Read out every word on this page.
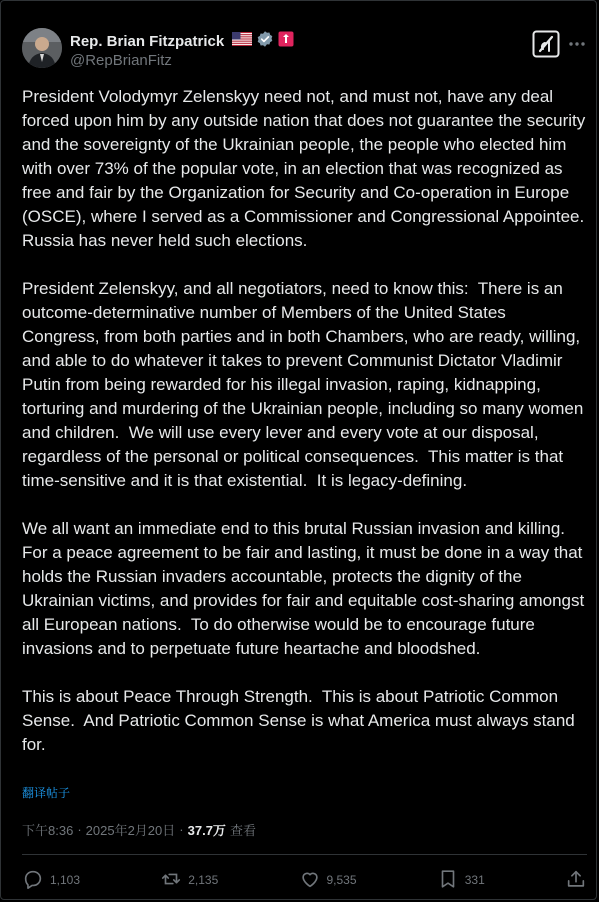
Rep. Brian Fitzpatrick
@RepBrianFitz

President Volodymyr Zelenskyy need not, and must not, have any deal forced upon him by any outside nation that does not guarantee the security and the sovereignty of the Ukrainian people, the people who elected him with over 73% of the popular vote, in an election that was recognized as free and fair by the Organization for Security and Co-operation in Europe (OSCE), where I served as a Commissioner and Congressional Appointee.  Russia has never held such elections.

President Zelenskyy, and all negotiators, need to know this:  There is an outcome-determinative number of Members of the United States Congress, from both parties and in both Chambers, who are ready, willing, and able to do whatever it takes to prevent Communist Dictator Vladimir Putin from being rewarded for his illegal invasion, raping, kidnapping, torturing and murdering of the Ukrainian people, including so many women and children.  We will use every lever and every vote at our disposal, regardless of the personal or political consequences.  This matter is that time-sensitive and it is that existential.  It is legacy-defining.

We all want an immediate end to this brutal Russian invasion and killing.  For a peace agreement to be fair and lasting, it must be done in a way that holds the Russian invaders accountable, protects the dignity of the Ukrainian victims, and provides for fair and equitable cost-sharing amongst all European nations.  To do otherwise would be to encourage future invasions and to perpetuate future heartache and bloodshed.

This is about Peace Through Strength.  This is about Patriotic Common Sense.  And Patriotic Common Sense is what America must always stand for.

翻译帖子
下午8:36 · 2025年2月20日 · 37.7万 查看
1,103	2,135	9,535	331
